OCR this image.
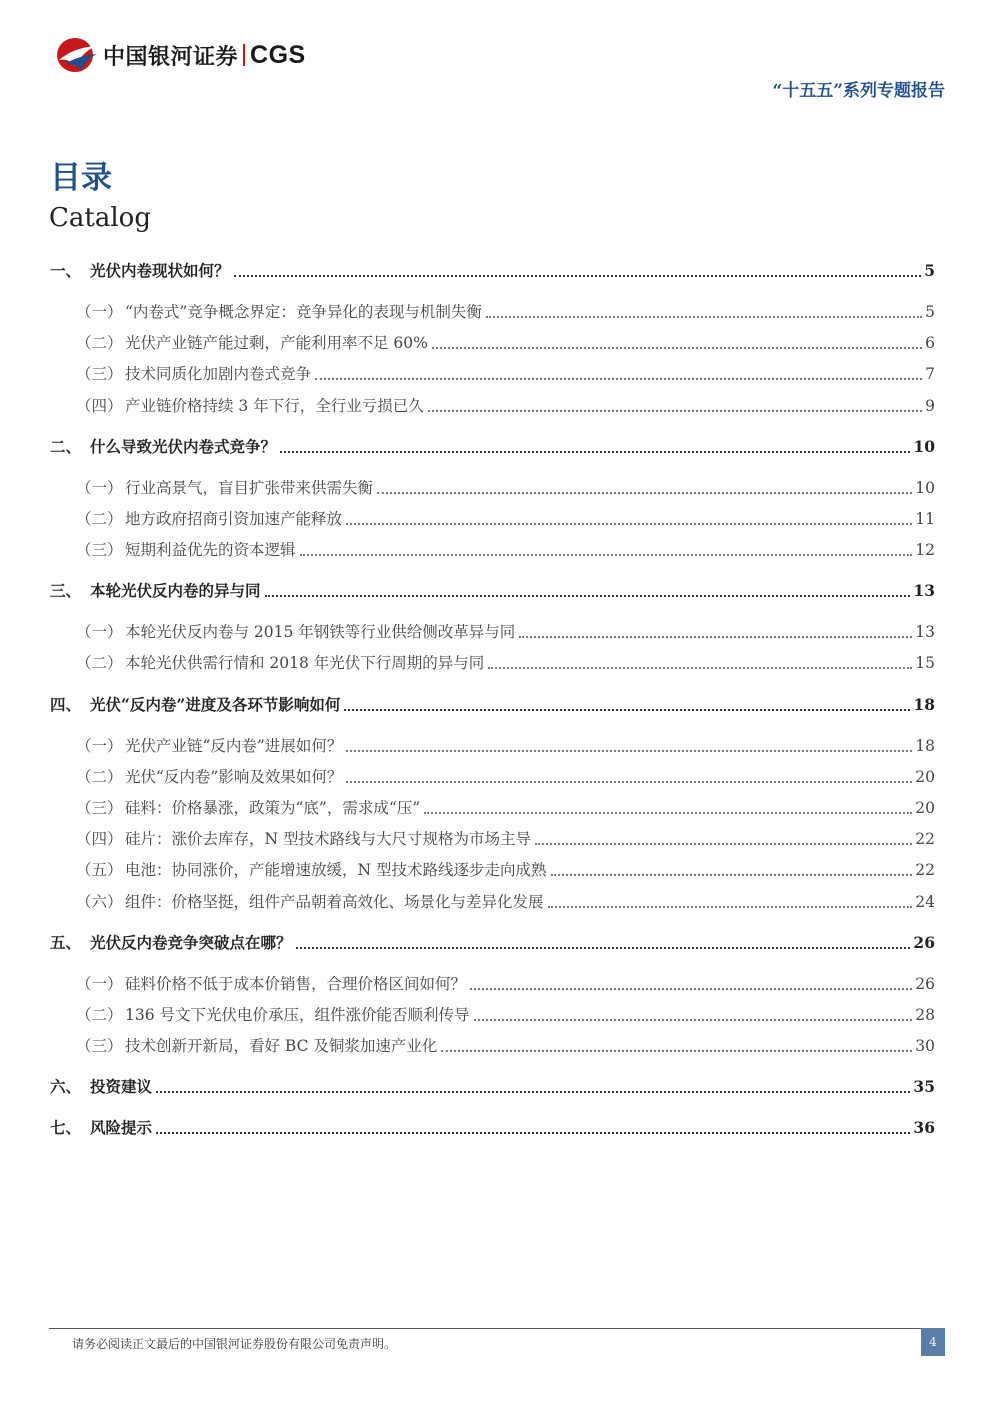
中国银河证券 CGS
“十五五”系列专题报告
目录
Catalog
一、 光伏内卷现状如何？	5
（一） “内卷式”竞争概念界定：竞争异化的表现与机制失衡	5
（二） 光伏产业链产能过剩，产能利用率不足 60%	6
（三） 技术同质化加剧内卷式竞争	7
（四） 产业链价格持续 3 年下行，全行业亏损已久	9
二、 什么导致光伏内卷式竞争？	10
（一） 行业高景气，盲目扩张带来供需失衡	10
（二） 地方政府招商引资加速产能释放	11
（三） 短期利益优先的资本逻辑	12
三、 本轮光伏反内卷的异与同	13
（一） 本轮光伏反内卷与 2015 年钢铁等行业供给侧改革异与同	13
（二） 本轮光伏供需行情和 2018 年光伏下行周期的异与同	15
四、 光伏“反内卷”进度及各环节影响如何	18
（一） 光伏产业链“反内卷”进展如何？	18
（二） 光伏“反内卷”影响及效果如何？	20
（三） 硅料：价格暴涨，政策为“底”，需求成“压”	20
（四） 硅片：涨价去库存，N 型技术路线与大尺寸规格为市场主导	22
（五） 电池：协同涨价，产能增速放缓，N 型技术路线逐步走向成熟	22
（六） 组件：价格坚挺，组件产品朝着高效化、场景化与差异化发展	24
五、 光伏反内卷竞争突破点在哪？	26
（一） 硅料价格不低于成本价销售，合理价格区间如何？	26
（二） 136 号文下光伏电价承压，组件涨价能否顺利传导	28
（三） 技术创新开新局，看好 BC 及铜浆加速产业化	30
六、 投资建议	35
七、 风险提示	36
请务必阅读正文最后的中国银河证券股份有限公司免责声明。	4
